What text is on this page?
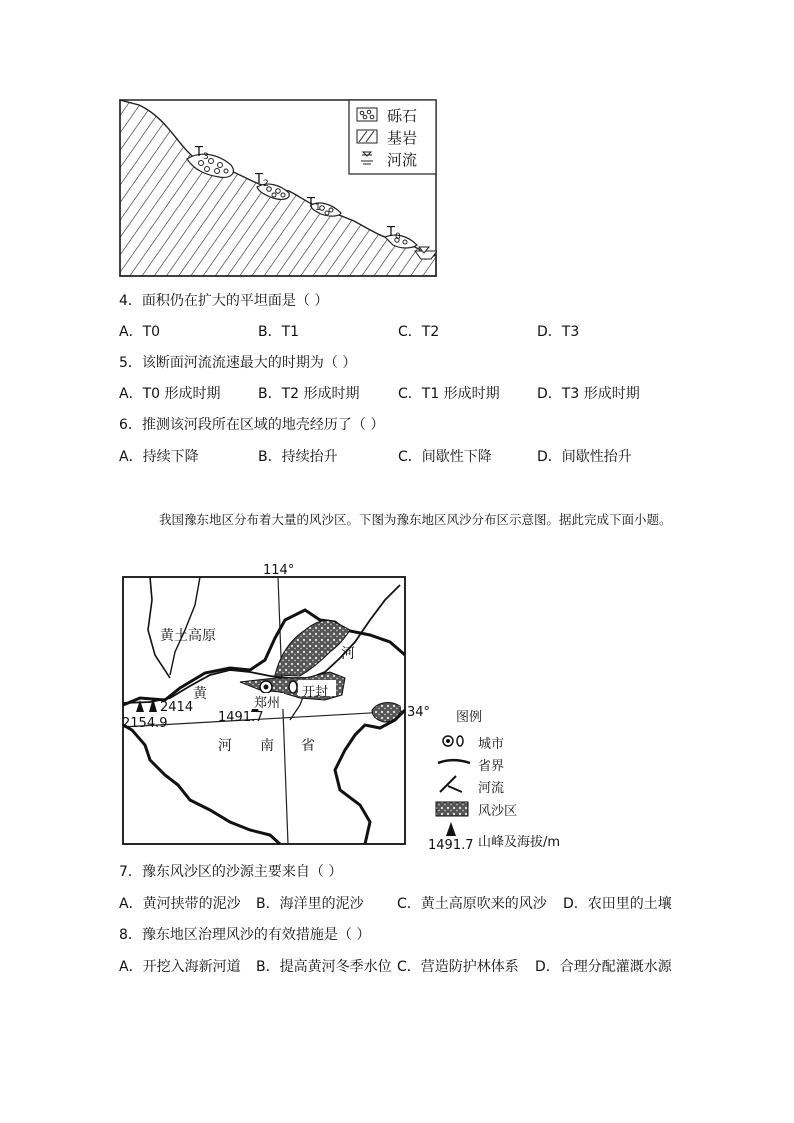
$T_3$
$T_2$
$T_1$
$T_0$
砾石
基岩
河流
4．面积仍在扩大的平坦面是（ ）
A．T0	B．T1	C．T2	D．T3
5．该断面河流流速最大的时期为（ ）
A．T0 形成时期	B．T2 形成时期	C．T1 形成时期	D．T3 形成时期
6．推测该河段所在区域的地壳经历了（ ）
A．持续下降	B．持续抬升	C．间歇性下降	D．间歇性抬升
我国豫东地区分布着大量的风沙区。下图为豫东地区风沙分布区示意图。据此完成下面小题。
114°
34°
黄土高原
河
黄
河 南 省
郑州
开封
2414
2154.9	1491.7	图例
城市
省界
河流
风沙区
1491.7 山峰及海拔/m
7．豫东风沙区的沙源主要来自（ ）
A．黄河挟带的泥沙 B．海洋里的泥沙 C．黄土高原吹来的风沙 D．农田里的土壤
8．豫东地区治理风沙的有效措施是（ ）
A．开挖入海新河道 B．提高黄河冬季水位 C．营造防护林体系 D．合理分配灌溉水源
